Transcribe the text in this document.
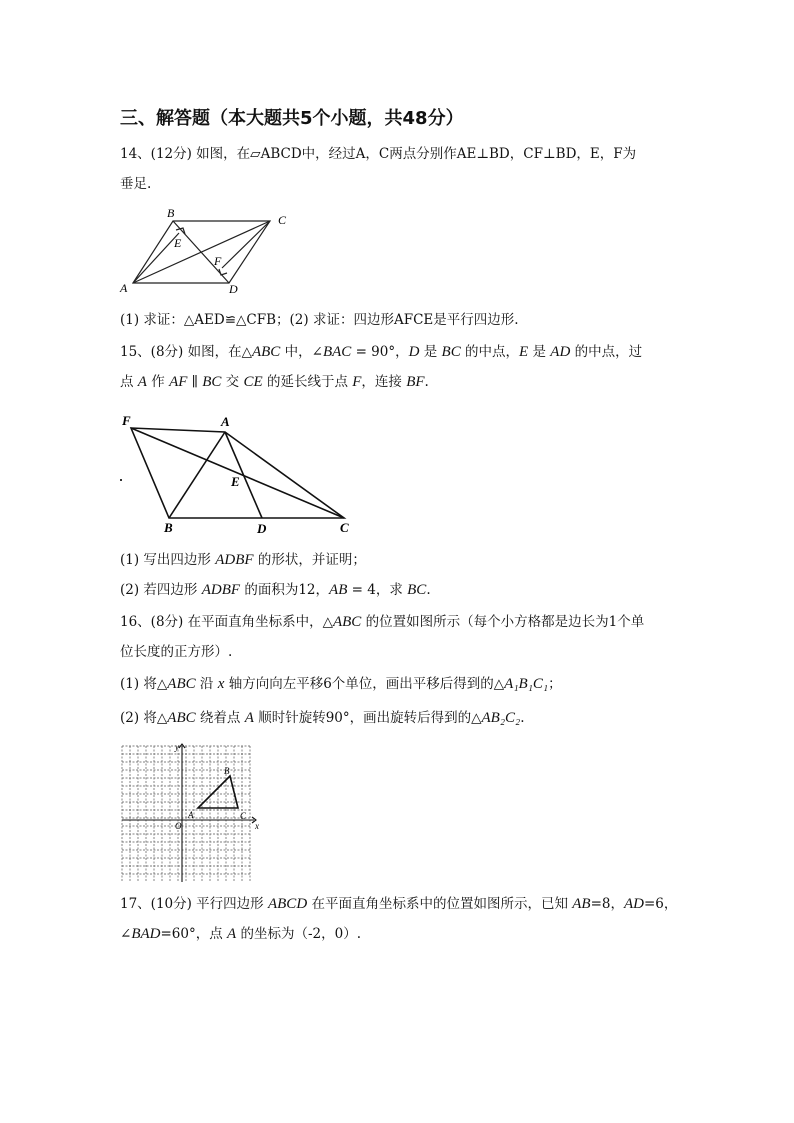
三、解答题（本大题共5个小题，共48分）
14、(12分) 如图，在▱ABCD中，经过A，C两点分别作AE⊥BD，CF⊥BD，E，F为
垂足.
A
B	C
D
E
F
(1) 求证：△AED≌△CFB；(2) 求证：四边形AFCE是平行四边形.
15、(8分) 如图，在△ABC 中，∠BAC = 90°，D 是 BC 的中点，E 是 AD 的中点，过
点 A 作 AF ∥ BC 交 CE 的延长线于点 F，连接 BF.
F	A
E
B	D	C
(1) 写出四边形 ADBF 的形状，并证明；
(2) 若四边形 ADBF 的面积为12，AB = 4，求 BC.
16、(8分) 在平面直角坐标系中，△ABC 的位置如图所示（每个小方格都是边长为1个单
位长度的正方形）.
(1) 将△ABC 沿 x 轴方向向左平移6个单位，画出平移后得到的△A₁B₁C₁；
(2) 将△ABC 绕着点 A 顺时针旋转90°，画出旋转后得到的△AB₂C₂.
y
x
O
A
B
C
17、(10分) 平行四边形 ABCD 在平面直角坐标系中的位置如图所示，已知 AB=8，AD=6，
∠BAD=60°，点 A 的坐标为（-2，0）.
